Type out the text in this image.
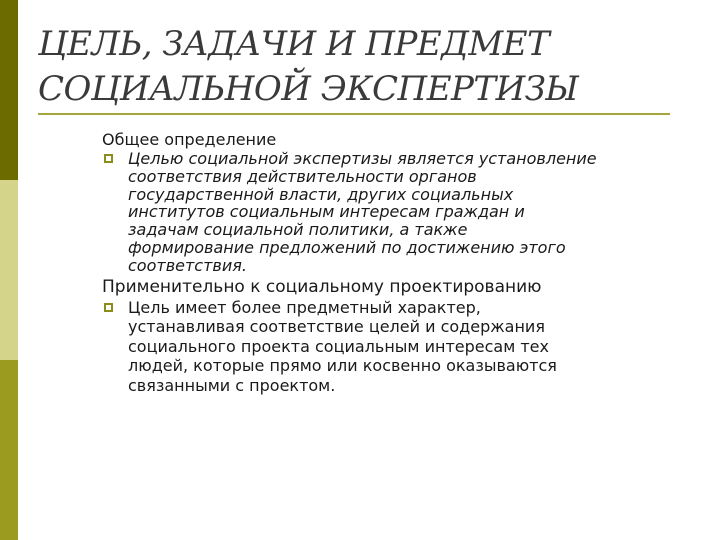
ЦЕЛЬ, ЗАДАЧИ И ПРЕДМЕТ
СОЦИАЛЬНОЙ ЭКСПЕРТИЗЫ

Общее определение

Целью социальной экспертизы является установление
соответствия действительности органов
государственной власти, других социальных
институтов социальным интересам граждан и
задачам социальной политики, а также
формирование предложений по достижению этого
соответствия.

Применительно к социальному проектированию

Цель имеет более предметный характер,
устанавливая соответствие целей и содержания
социального проекта социальным интересам тех
людей, которые прямо или косвенно оказываются
связанными с проектом.
